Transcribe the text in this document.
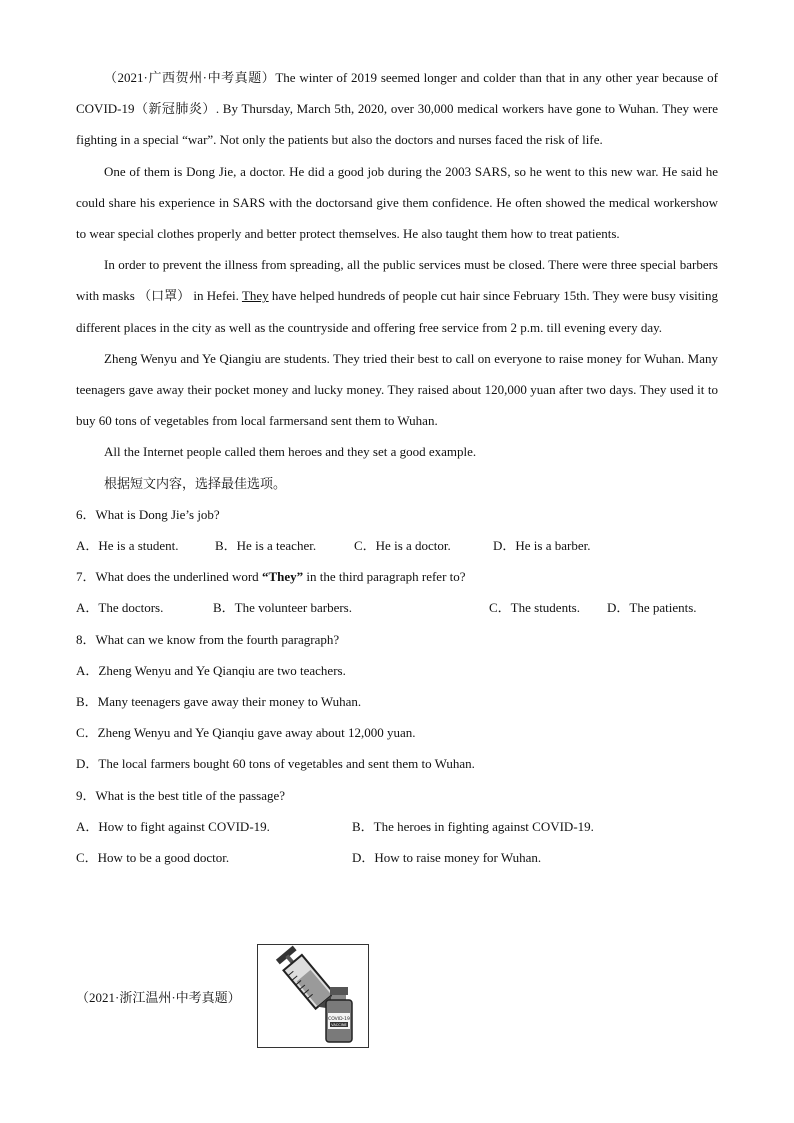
（2021·广西贺州·中考真题）The winter of 2019 seemed longer and colder than that in any other year because of COVID-19（新冠肺炎）. By Thursday, March 5th, 2020, over 30,000 medical workers have gone to Wuhan. They were fighting in a special “war”. Not only the patients but also the doctors and nurses faced the risk of life.

One of them is Dong Jie, a doctor. He did a good job during the 2003 SARS, so he went to this new war. He said he could share his experience in SARS with the doctorsand give them confidence. He often showed the medical workershow to wear special clothes properly and better protect themselves. He also taught them how to treat patients.

In order to prevent the illness from spreading, all the public services must be closed. There were three special barbers with masks （口罩） in Hefei. They have helped hundreds of people cut hair since February 15th. They were busy visiting different places in the city as well as the countryside and offering free service from 2 p.m. till evening every day.

Zheng Wenyu and Ye Qiangiu are students. They tried their best to call on everyone to raise money for Wuhan. Many teenagers gave away their pocket money and lucky money. They raised about 120,000 yuan after two days. They used it to buy 60 tons of vegetables from local farmersand sent them to Wuhan.

All the Internet people called them heroes and they set a good example.

根据短文内容，选择最佳选项。

6．What is Dong Jie’s job?

A．He is a student.	B．He is a teacher.	C．He is a doctor.	D．He is a barber.

7．What does the underlined word “They” in the third paragraph refer to?

A．The doctors.	B．The volunteer barbers.	C．The students.	D．The patients.

8．What can we know from the fourth paragraph?

A．Zheng Wenyu and Ye Qianqiu are two teachers.

B．Many teenagers gave away their money to Wuhan.

C．Zheng Wenyu and Ye Qianqiu gave away about 12,000 yuan.

D．The local farmers bought 60 tons of vegetables and sent them to Wuhan.

9．What is the best title of the passage?

A．How to fight against COVID-19.	B．The heroes in fighting against COVID-19.
C．How to be a good doctor.	D．How to raise money for Wuhan.
（2021·浙江温州·中考真题）
COVID-19
VACCINE
